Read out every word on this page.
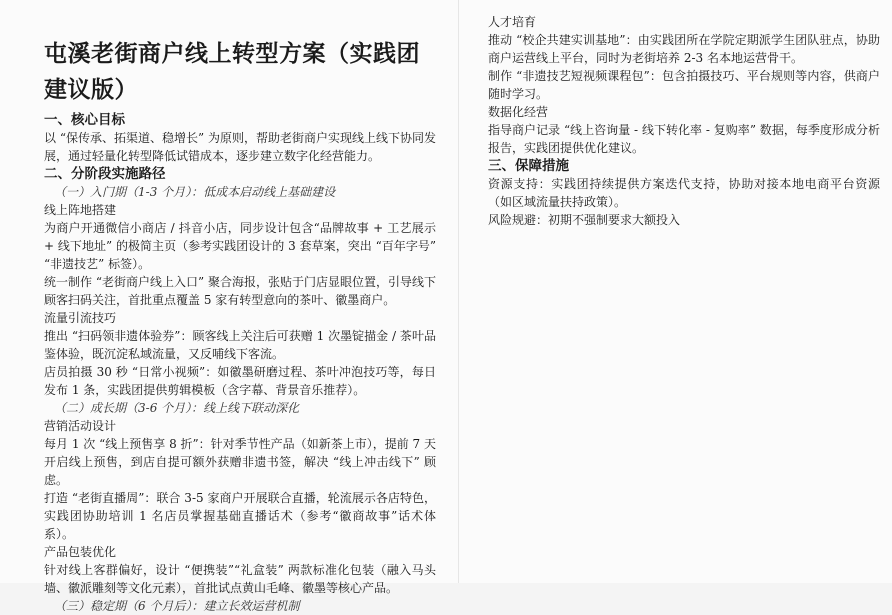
屯溪老街商户线上转型方案（实践团建议版）
一、核心目标
以 “保传承、拓渠道、稳增长” 为原则，帮助老街商户实现线上线下协同发展，通过轻量化转型降低试错成本，逐步建立数字化经营能力。
二、分阶段实施路径
（一）入门期（1-3 个月）：低成本启动线上基础建设
线上阵地搭建
为商户开通微信小商店 / 抖音小店，同步设计包含“品牌故事 + 工艺展示 + 线下地址” 的极简主页（参考实践团设计的 3 套草案，突出 “百年字号” “非遗技艺” 标签）。
统一制作 “老街商户线上入口” 聚合海报，张贴于门店显眼位置，引导线下顾客扫码关注，首批重点覆盖 5 家有转型意向的茶叶、徽墨商户。
流量引流技巧
推出 “扫码领非遗体验券”：顾客线上关注后可获赠 1 次墨锭描金 / 茶叶品鉴体验，既沉淀私域流量，又反哺线下客流。
店员拍摄 30 秒 “日常小视频”：如徽墨研磨过程、茶叶冲泡技巧等，每日发布 1 条，实践团提供剪辑模板（含字幕、背景音乐推荐）。
（二）成长期（3-6 个月）：线上线下联动深化
营销活动设计
每月 1 次 “线上预售享 8 折”：针对季节性产品（如新茶上市），提前 7 天开启线上预售，到店自提可额外获赠非遗书签，解决 “线上冲击线下” 顾虑。
打造 “老街直播周”：联合 3-5 家商户开展联合直播，轮流展示各店特色，实践团协助培训 1 名店员掌握基础直播话术（参考“徽商故事”话术体系）。
产品包装优化
针对线上客群偏好，设计 “便携装”“礼盒装” 两款标准化包装（融入马头墙、徽派雕刻等文化元素），首批试点黄山毛峰、徽墨等核心产品。
（三）稳定期（6 个月后）：建立长效运营机制
人才培育
推动 “校企共建实训基地”：由实践团所在学院定期派学生团队驻点，协助商户运营线上平台，同时为老街培养 2-3 名本地运营骨干。
制作 “非遗技艺短视频课程包”：包含拍摄技巧、平台规则等内容，供商户随时学习。
数据化经营
指导商户记录 “线上咨询量 - 线下转化率 - 复购率” 数据，每季度形成分析报告，实践团提供优化建议。
三、保障措施
资源支持：实践团持续提供方案迭代支持，协助对接本地电商平台资源（如区域流量扶持政策）。
风险规避：初期不强制要求大额投入
